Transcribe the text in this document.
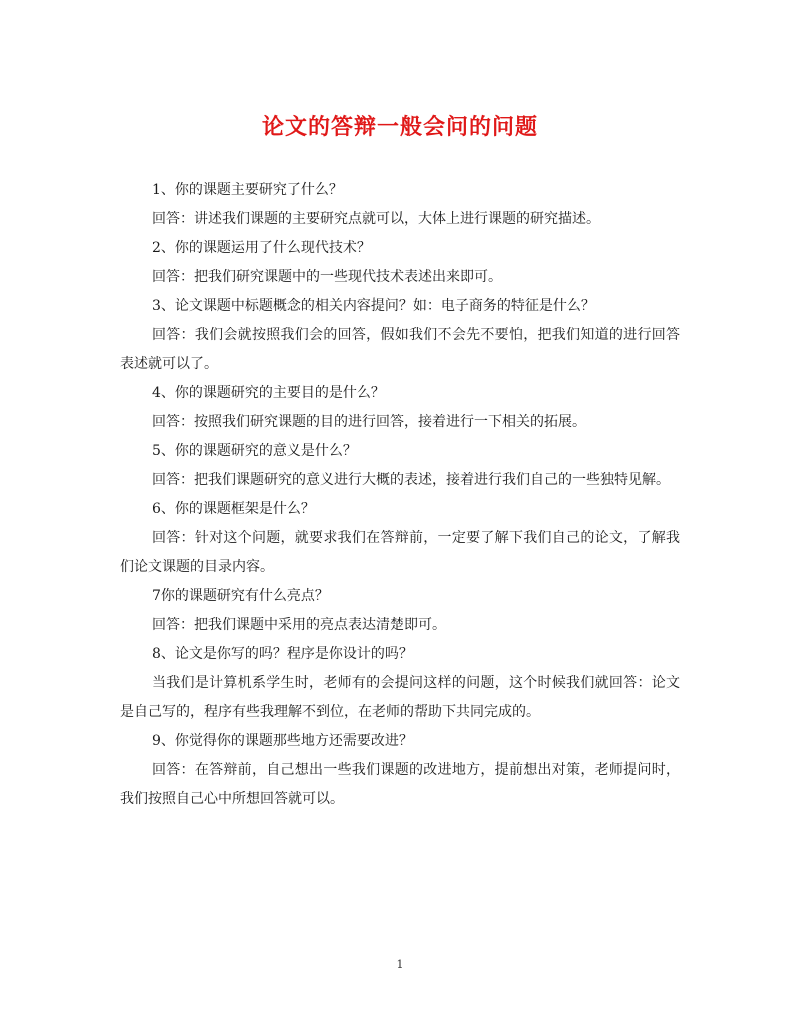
论文的答辩一般会问的问题

1、你的课题主要研究了什么？

回答：讲述我们课题的主要研究点就可以，大体上进行课题的研究描述。

2、你的课题运用了什么现代技术？

回答：把我们研究课题中的一些现代技术表述出来即可。

3、论文课题中标题概念的相关内容提问？如：电子商务的特征是什么？

回答：我们会就按照我们会的回答，假如我们不会先不要怕，把我们知道的进行回答表述就可以了。

4、你的课题研究的主要目的是什么？

回答：按照我们研究课题的目的进行回答，接着进行一下相关的拓展。

5、你的课题研究的意义是什么？

回答：把我们课题研究的意义进行大概的表述，接着进行我们自己的一些独特见解。

6、你的课题框架是什么？

回答：针对这个问题，就要求我们在答辩前，一定要了解下我们自己的论文，了解我们论文课题的目录内容。

7你的课题研究有什么亮点？

回答：把我们课题中采用的亮点表达清楚即可。

8、论文是你写的吗？程序是你设计的吗？

当我们是计算机系学生时，老师有的会提问这样的问题，这个时候我们就回答：论文是自己写的，程序有些我理解不到位，在老师的帮助下共同完成的。

9、你觉得你的课题那些地方还需要改进？

回答：在答辩前，自己想出一些我们课题的改进地方，提前想出对策，老师提问时，我们按照自己心中所想回答就可以。

1
